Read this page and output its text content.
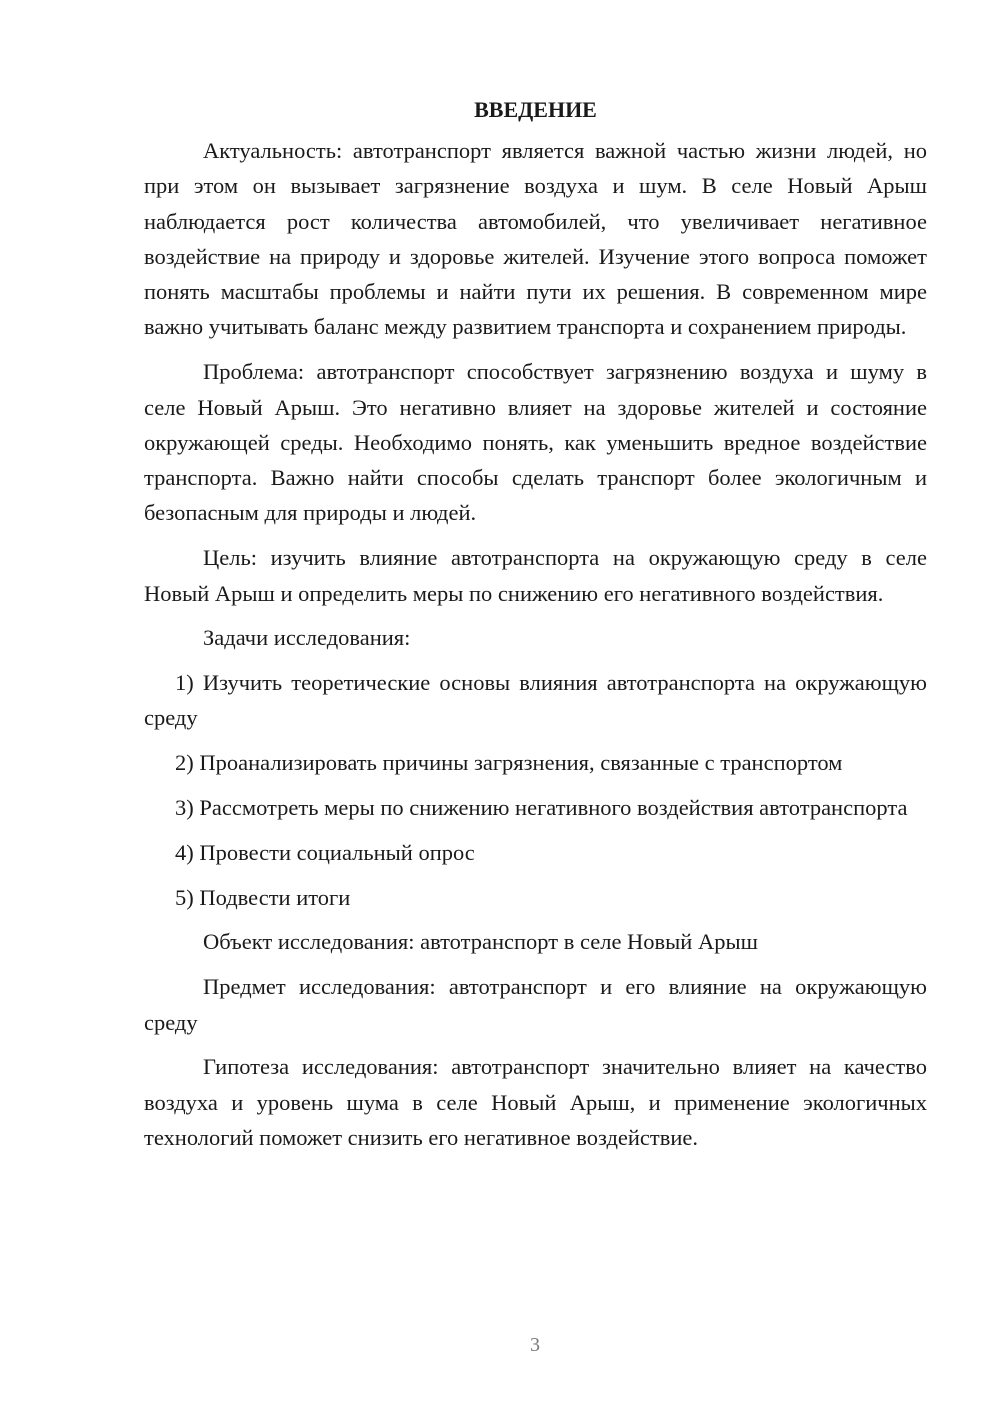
ВВЕДЕНИЕ

Актуальность: автотранспорт является важной частью жизни людей, но при этом он вызывает загрязнение воздуха и шум. В селе Новый Арыш наблюдается рост количества автомобилей, что увеличивает негативное воздействие на природу и здоровье жителей. Изучение этого вопроса поможет понять масштабы проблемы и найти пути их решения. В современном мире важно учитывать баланс между развитием транспорта и сохранением природы.

Проблема: автотранспорт способствует загрязнению воздуха и шуму в селе Новый Арыш. Это негативно влияет на здоровье жителей и состояние окружающей среды. Необходимо понять, как уменьшить вредное воздействие транспорта. Важно найти способы сделать транспорт более экологичным и безопасным для природы и людей.

Цель: изучить влияние автотранспорта на окружающую среду в селе Новый Арыш и определить меры по снижению его негативного воздействия.

Задачи исследования:

1) Изучить теоретические основы влияния автотранспорта на окружающую среду

2) Проанализировать причины загрязнения, связанные с транспортом

3) Рассмотреть меры по снижению негативного воздействия автотранспорта

4) Провести социальный опрос

5) Подвести итоги

Объект исследования: автотранспорт в селе Новый Арыш

Предмет исследования: автотранспорт и его влияние на окружающую среду

Гипотеза исследования: автотранспорт значительно влияет на качество воздуха и уровень шума в селе Новый Арыш, и применение экологичных технологий поможет снизить его негативное воздействие.

3
